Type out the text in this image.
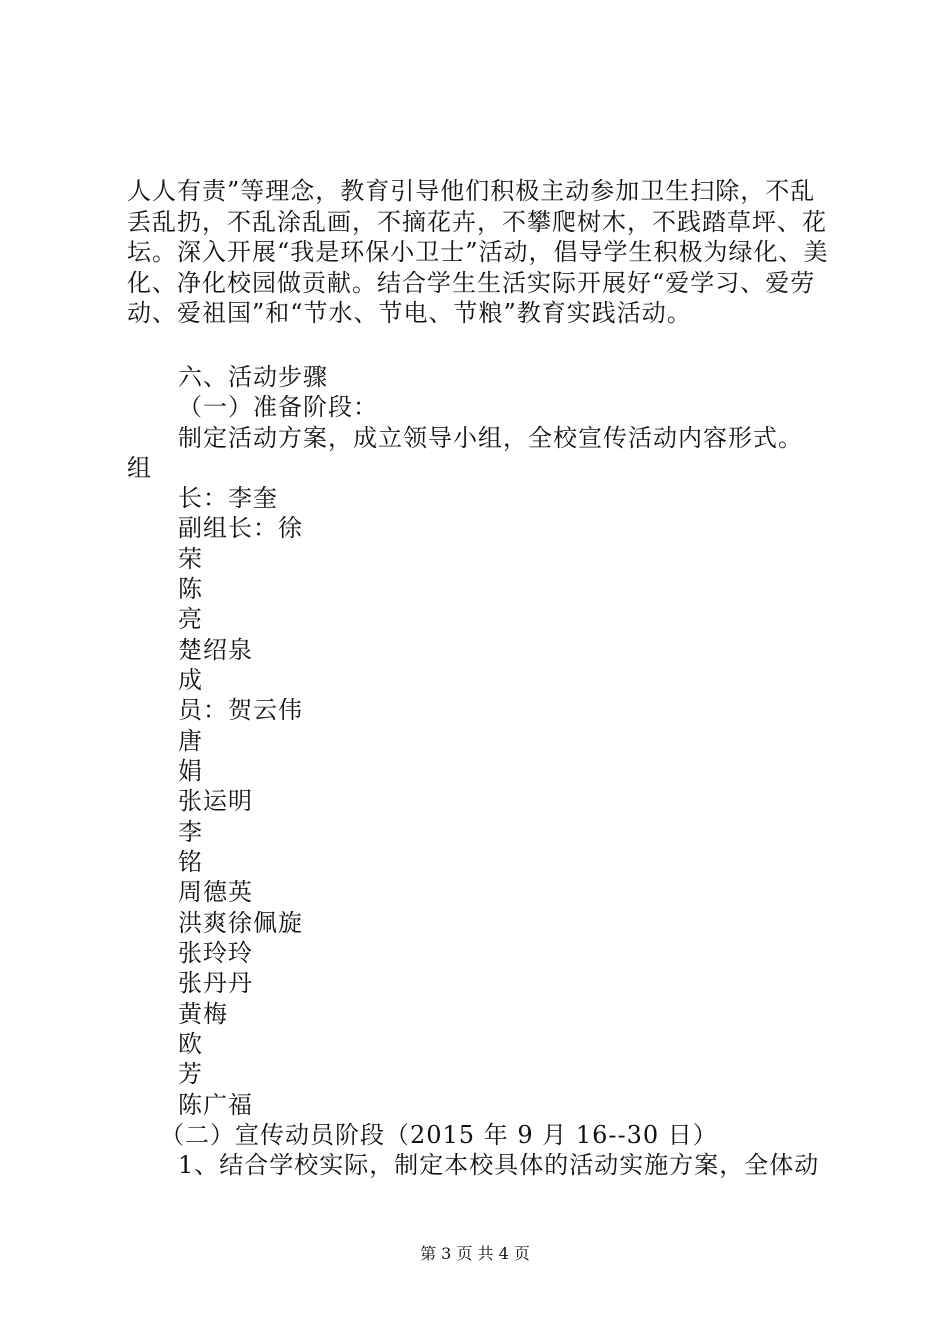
人人有责”等理念，教育引导他们积极主动参加卫生扫除，不乱丢乱扔，不乱涂乱画，不摘花卉，不攀爬树木，不践踏草坪、花坛。深入开展“我是环保小卫士”活动，倡导学生积极为绿化、美化、净化校园做贡献。结合学生生活实际开展好“爱学习、爱劳动、爱祖国”和“节水、节电、节粮”教育实践活动。
六、活动步骤
（一）准备阶段：
制定活动方案，成立领导小组，全校宣传活动内容形式。
组
长：李奎
副组长：徐
荣
陈
亮
楚绍泉
成
员：贺云伟
唐
娟
张运明
李
铭
周德英
洪爽徐佩旋
张玲玲
张丹丹
黄梅
欧
芳
陈广福
（二）宣传动员阶段（2015 年 9 月 16--30 日）
1、结合学校实际，制定本校具体的活动实施方案，全体动
第 3 页 共 4 页
